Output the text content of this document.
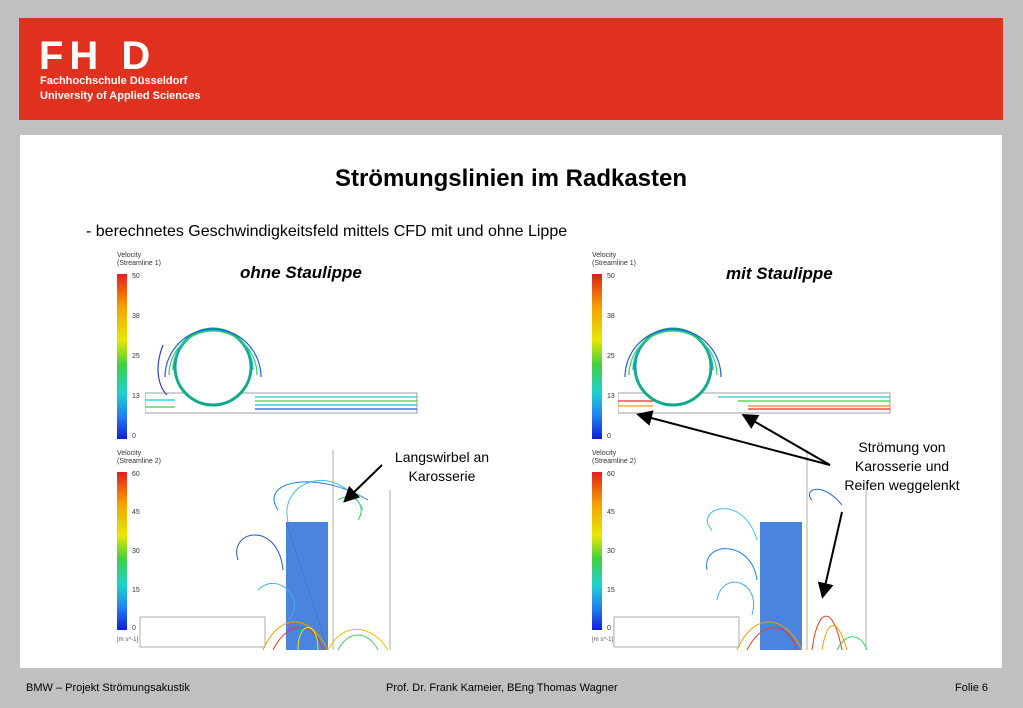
FH D
Fachhochschule Düsseldorf
University of Applied Sciences
Strömungslinien im Radkasten
- berechnetes Geschwindigkeitsfeld mittels CFD mit und ohne Lippe
ohne Staulippe	mit Staulippe
Langswirbel an
Karosserie
Strömung von
Karosserie und
Reifen weggelenkt
Velocity
(Streamline 1)
50
38
25
13
0
Velocity
(Streamline 2)
60
45
30
15
0
[m s^-1]
Velocity
(Streamline 1)
50
38
25
13
0
Velocity
(Streamline 2)
60
45
30
15
0
[m s^-1]
BMW – Projekt Strömungsakustik	Prof. Dr. Frank Kameier, BEng Thomas Wagner	Folie 6
